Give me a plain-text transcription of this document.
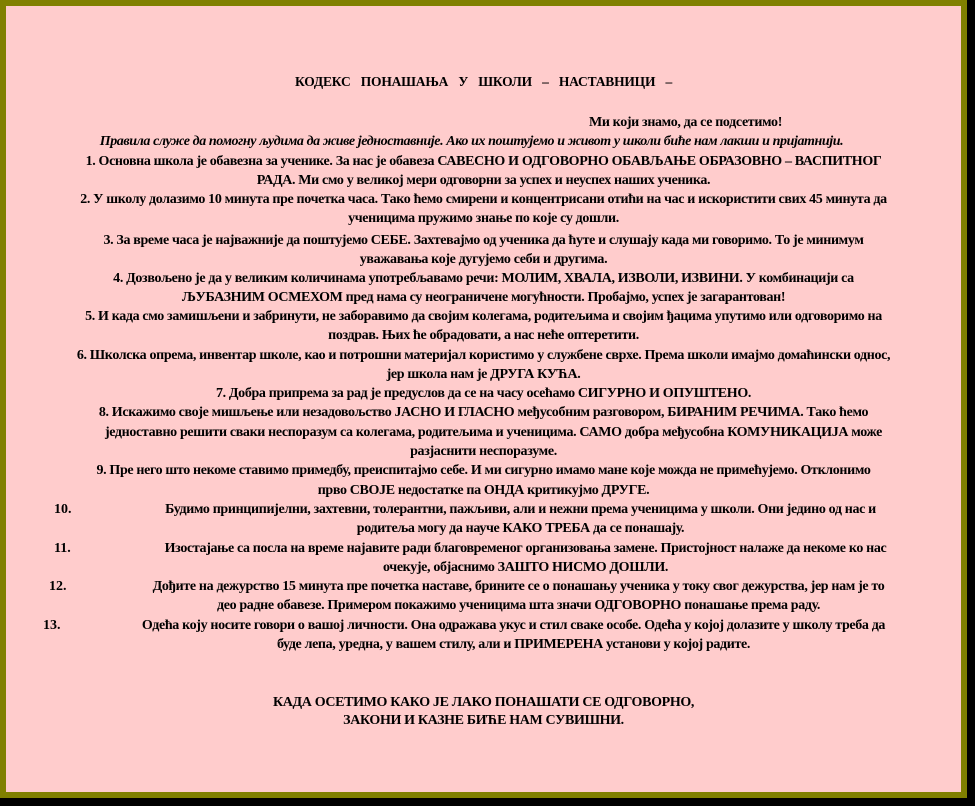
КОДЕКС ПОНАШАЊА У ШКОЛИ – НАСТАВНИЦИ –
Ми који знамо, да се подсетимо!
Правила служе да помогну људима да живе једноставније. Ако их поштујемо и живот у школи биће нам лакши и пријатнији.
1. Основна школа је обавезна за ученике. За нас је обавеза САВЕСНО И ОДГОВОРНО ОБАВЉАЊЕ ОБРАЗОВНО – ВАСПИТНОГ
РАДА. Ми смо у великој мери одговорни за успех и неуспех наших ученика.
2. У школу долазимо 10 минута пре почетка часа. Тако ћемо смирени и концентрисани отићи на час и искористити свих 45 минута да
ученицима пружимо знање по које су дошли.
3. За време часа је најважније да поштујемо СЕБЕ. Захтевајмо од ученика да ћуте и слушају када ми говоримо. То је минимум
уважавања које дугујемо себи и другима.
4. Дозвољено је да у великим количинама употребљавамо речи: МОЛИМ, ХВАЛА, ИЗВОЛИ, ИЗВИНИ. У комбинацији са
ЉУБАЗНИМ ОСМЕХОМ пред нама су неограничене могућности. Пробајмо, успех је загарантован!
5. И када смо замишљени и забринути, не заборавимо да својим колегама, родитељима и својим ђацима упутимо или одговоримо на
поздрав. Њих ће обрадовати, а нас неће оптеретити.
6. Школска опрема, инвентар школе, као и потрошни материјал користимо у службене сврхе. Према школи имајмо домаћински однос,
јер школа нам је ДРУГА КУЋА.
7. Добра припрема за рад је предуслов да се на часу осећамо СИГУРНО И ОПУШТЕНО.
8. Искажимо своје мишљење или незадовољство ЈАСНО И ГЛАСНО међусобним разговором, БИРАНИМ РЕЧИМА. Тако ћемо
једноставно решити сваки неспоразум са колегама, родитељима и ученицима. САМО добра међусобна КОМУНИКАЦИЈА може
разјаснити неспоразуме.
9. Пре него што некоме ставимо примедбу, преиспитајмо себе. И ми сигурно имамо мане које можда не примећујемо. Отклонимо
прво СВОЈЕ недостатке па ОНДА критикујмо ДРУГЕ.
10.	Будимо принципијелни, захтевни, толерантни, пажљиви, али и нежни према ученицима у школи. Они једино од нас и
родитеља могу да науче КАКО ТРЕБА да се понашају.
11.	Изостајање са посла на време најавите ради благовременог организовања замене. Пристојност налаже да некоме ко нас
очекује, објаснимо ЗАШТО НИСМО ДОШЛИ.
12.	Дођите на дежурство 15 минута пре почетка наставе, брините се о понашању ученика у току свог дежурства, јер нам је то
део радне обавезе. Примером покажимо ученицима шта значи ОДГОВОРНО понашање према раду.
13.	Одећа коју носите говори о вашој личности. Она одражава укус и стил сваке особе. Одећа у којој долазите у школу треба да
буде лепа, уредна, у вашем стилу, али и ПРИМЕРЕНА установи у којој радите.
КАДА ОСЕТИМО КАКО ЈЕ ЛАКО ПОНАШАТИ СЕ ОДГОВОРНО,
ЗАКОНИ И КАЗНЕ БИЋЕ НАМ СУВИШНИ.
